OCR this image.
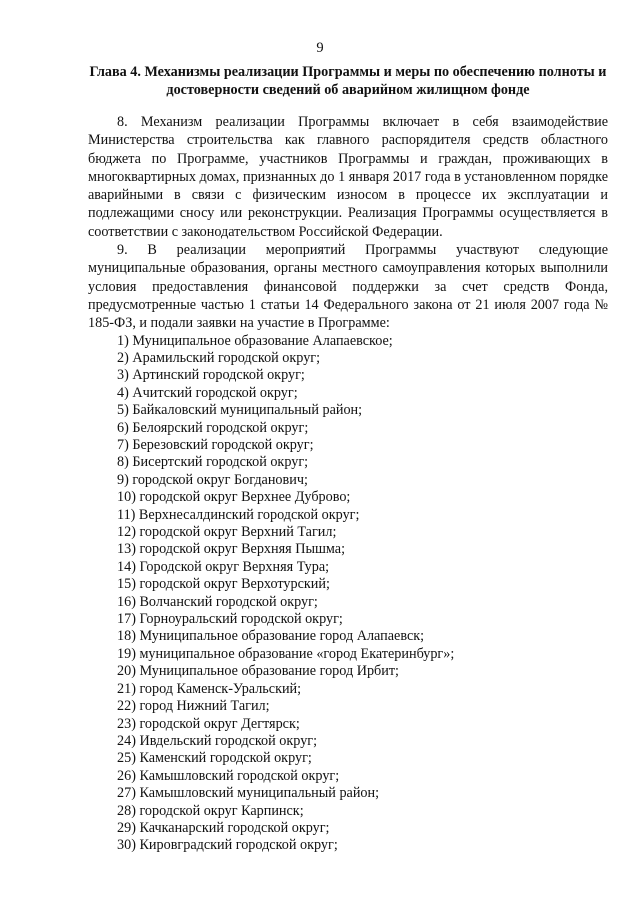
9
Глава 4. Механизмы реализации Программы и меры по обеспечению полноты и достоверности сведений об аварийном жилищном фонде

8. Механизм реализации Программы включает в себя взаимодействие Министерства строительства как главного распорядителя средств областного бюджета по Программе, участников Программы и граждан, проживающих в многоквартирных домах, признанных до 1 января 2017 года в установленном порядке аварийными в связи с физическим износом в процессе их эксплуатации и подлежащими сносу или реконструкции. Реализация Программы осуществляется в соответствии с законодательством Российской Федерации.

9. В реализации мероприятий Программы участвуют следующие муниципальные образования, органы местного самоуправления которых выполнили условия предоставления финансовой поддержки за счет средств Фонда, предусмотренные частью 1 статьи 14 Федерального закона от 21 июля 2007 года № 185-ФЗ, и подали заявки на участие в Программе:

1) Муниципальное образование Алапаевское;
2) Арамильский городской округ;
3) Артинский городской округ;
4) Ачитский городской округ;
5) Байкаловский муниципальный район;
6) Белоярский городской округ;
7) Березовский городской округ;
8) Бисертский городской округ;
9) городской округ Богданович;
10) городской округ Верхнее Дуброво;
11) Верхнесалдинский городской округ;
12) городской округ Верхний Тагил;
13) городской округ Верхняя Пышма;
14) Городской округ Верхняя Тура;
15) городской округ Верхотурский;
16) Волчанский городской округ;
17) Горноуральский городской округ;
18) Муниципальное образование город Алапаевск;
19) муниципальное образование «город Екатеринбург»;
20) Муниципальное образование город Ирбит;
21) город Каменск-Уральский;
22) город Нижний Тагил;
23) городской округ Дегтярск;
24) Ивдельский городской округ;
25) Каменский городской округ;
26) Камышловский городской округ;
27) Камышловский муниципальный район;
28) городской округ Карпинск;
29) Качканарский городской округ;
30) Кировградский городской округ;
